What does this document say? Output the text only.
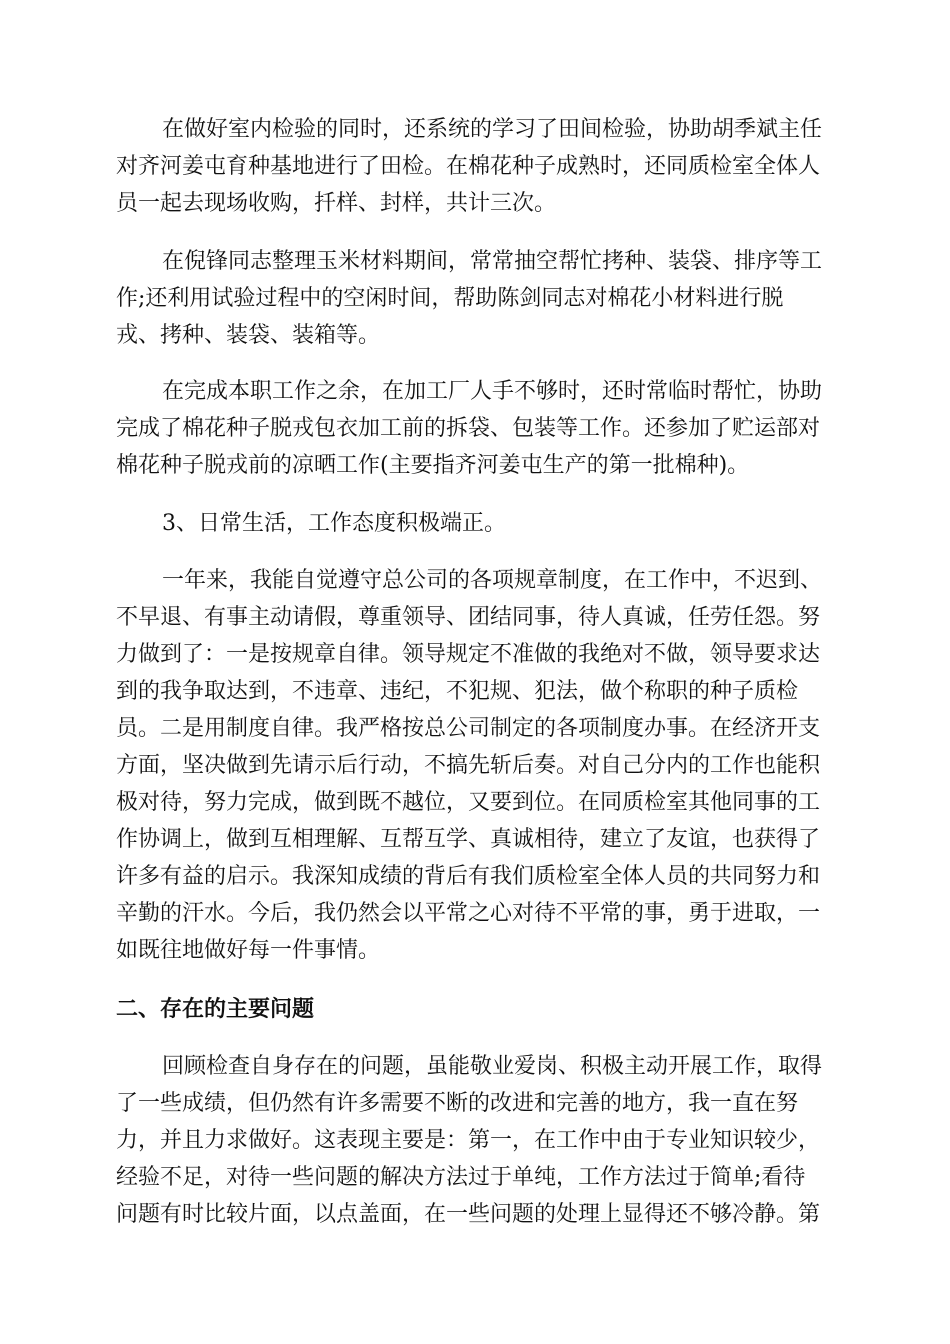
在做好室内检验的同时，还系统的学习了田间检验，协助胡季斌主任
对齐河姜屯育种基地进行了田检。在棉花种子成熟时，还同质检室全体人
员一起去现场收购，扦样、封样，共计三次。
在倪锋同志整理玉米材料期间，常常抽空帮忙拷种、装袋、排序等工
作;还利用试验过程中的空闲时间，帮助陈剑同志对棉花小材料进行脱
戎、拷种、装袋、装箱等。
在完成本职工作之余，在加工厂人手不够时，还时常临时帮忙，协助
完成了棉花种子脱戎包衣加工前的拆袋、包装等工作。还参加了贮运部对
棉花种子脱戎前的凉晒工作(主要指齐河姜屯生产的第一批棉种)。
3、日常生活，工作态度积极端正。
一年来，我能自觉遵守总公司的各项规章制度，在工作中，不迟到、
不早退、有事主动请假，尊重领导、团结同事，待人真诚，任劳任怨。努
力做到了：一是按规章自律。领导规定不准做的我绝对不做，领导要求达
到的我争取达到，不违章、违纪，不犯规、犯法，做个称职的种子质检
员。二是用制度自律。我严格按总公司制定的各项制度办事。在经济开支
方面，坚决做到先请示后行动，不搞先斩后奏。对自己分内的工作也能积
极对待，努力完成，做到既不越位，又要到位。在同质检室其他同事的工
作协调上，做到互相理解、互帮互学、真诚相待，建立了友谊，也获得了
许多有益的启示。我深知成绩的背后有我们质检室全体人员的共同努力和
辛勤的汗水。今后，我仍然会以平常之心对待不平常的事，勇于进取，一
如既往地做好每一件事情。
二、存在的主要问题
回顾检查自身存在的问题，虽能敬业爱岗、积极主动开展工作，取得
了一些成绩，但仍然有许多需要不断的改进和完善的地方，我一直在努
力，并且力求做好。这表现主要是：第一，在工作中由于专业知识较少，
经验不足，对待一些问题的解决方法过于单纯，工作方法过于简单;看待
问题有时比较片面，以点盖面，在一些问题的处理上显得还不够冷静。第
